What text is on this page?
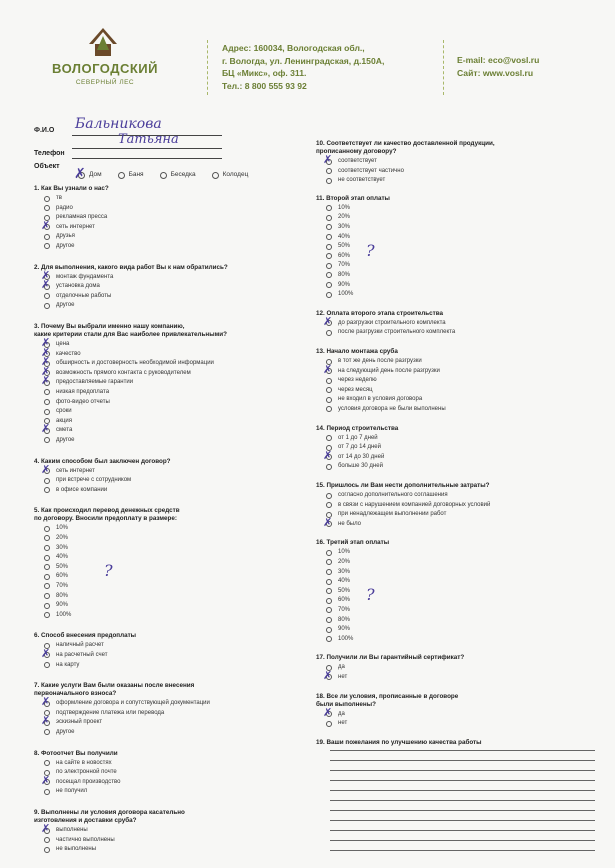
ВОЛОГОДСКИЙ
СЕВЕРНЫЙ ЛЕС
Адрес: 160034, Вологодская обл.,
г. Вологда, ул. Ленинградская, д.150А,
БЦ «Микс», оф. 311.
Тел.: 8 800 555 93 92
E-mail: eco@vosl.ru
Сайт: www.vosl.ru
Ф.И.О Бальникова
Татьяна
Телефон
Объект ✗ Дом	Баня	Беседка	Колодец
1. Как Вы узнали о нас?
тв
радио
рекламная пресса
✗ сеть интернет
друзья
другое
2. Для выполнения, какого вида работ Вы к нам обратились?
✗ монтаж фундамента
✗ установка дома
отделочные работы
другое
3. Почему Вы выбрали именно нашу компанию,
какие критерии стали для Вас наиболее привлекательными?
✗ цена
✗ качество
✗ обширность и достоверность необходимой информации
✗ возможность прямого контакта с руководителем
✗ предоставляемые гарантии
низкая предоплата
фото-видео отчеты
сроки
акция
✗ смета
другое
4. Каким способом был заключен договор?
✗ сеть интернет
при встрече с сотрудником
в офисе компании
5. Как происходил перевод денежных средств
по договору. Вносили предоплату в размере:
10%
20%
30%
40%
50%
60%
70%
80%
90%
100%
?
6. Способ внесения предоплаты
наличный расчет
✗ на расчетный счет
на карту
7. Какие услуги Вам были оказаны после внесения
первоначального взноса?
✗ оформление договора и сопутствующей документации
подтверждение платежа или перевода
✗ эскизный проект
другое
8. Фотоотчет Вы получили
на сайте в новостях
по электронной почте
✗ посещал производство
не получил
9. Выполнены ли условия договора касательно
изготовления и доставки сруба?
✗ выполнены
частично выполнены
не выполнены
10. Соответствует ли качество доставленной продукции,
прописанному договору?
✗ соответствует
соответствует частично
не соответствует
11. Второй этап оплаты
10%
20%
30%
40%
50%
60%
70%
80%
90%
100%
?
12. Оплата второго этапа строительства
✗ до разгрузки строительного комплекта
после разгрузки строительного комплекта
13. Начало монтажа сруба
в тот же день после разгрузки
✗ на следующий день после разгрузки
через неделю
через месяц
не входил в условия договора
условия договора не были выполнены
14. Период строительства
от 1 до 7 дней
от 7 до 14 дней
✗ от 14 до 30 дней
больше 30 дней
15. Пришлось ли Вам нести дополнительные затраты?
согласно дополнительного соглашения
в связи с нарушением компанией договорных условий
при ненадлежащем выполнении работ
✗ не было
16. Третий этап оплаты
10%
20%
30%
40%
50%
60%
70%
80%
90%
100%
?
17. Получили ли Вы гарантийный сертификат?
да
✗ нет
18. Все ли условия, прописанные в договоре
были выполнены?
✗ да
нет
19. Ваши пожелания по улучшению качества работы
